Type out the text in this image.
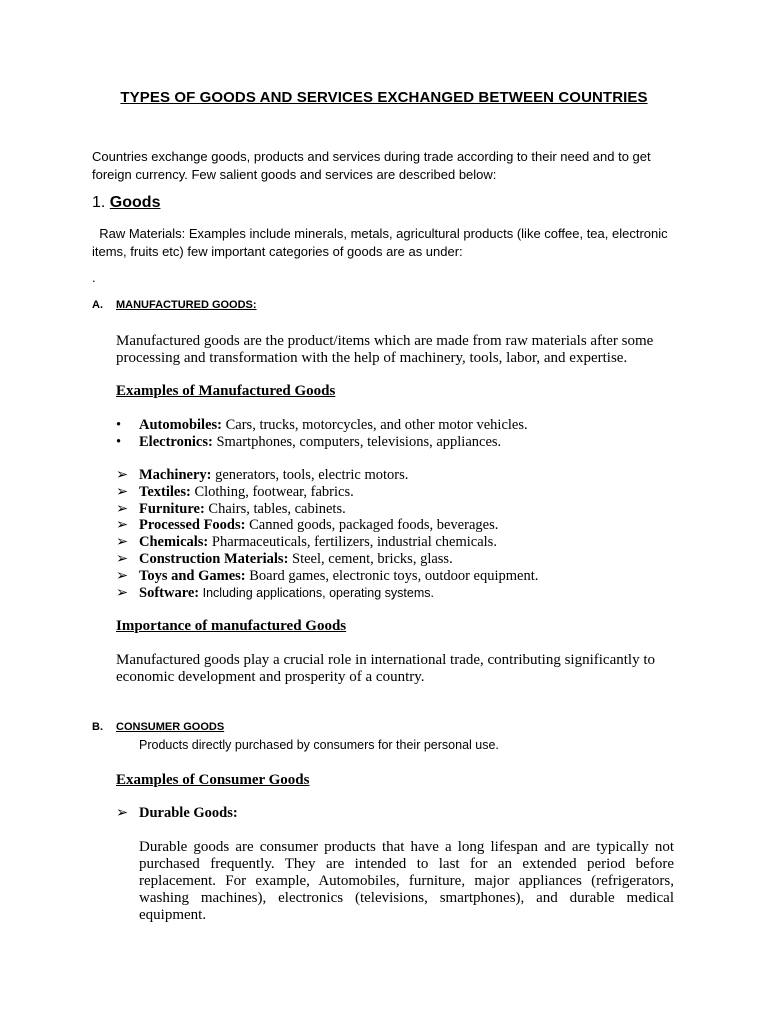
TYPES OF GOODS AND SERVICES EXCHANGED BETWEEN COUNTRIES

Countries exchange goods, products and services during trade according to their need and to get foreign currency. Few salient goods and services are described below:

1. Goods

Raw Materials: Examples include minerals, metals, agricultural products (like coffee, tea, electronic items, fruits etc) few important categories of goods are as under:

.
A. MANUFACTURED GOODS:

Manufactured goods are the product/items which are made from raw materials after some processing and transformation with the help of machinery, tools, labor, and expertise.

Examples of Manufactured Goods
• Automobiles: Cars, trucks, motorcycles, and other motor vehicles.
• Electronics: Smartphones, computers, televisions, appliances.
➢ Machinery: generators, tools, electric motors.
➢ Textiles: Clothing, footwear, fabrics.
➢ Furniture: Chairs, tables, cabinets.
➢ Processed Foods: Canned goods, packaged foods, beverages.
➢ Chemicals: Pharmaceuticals, fertilizers, industrial chemicals.
➢ Construction Materials: Steel, cement, bricks, glass.
➢ Toys and Games: Board games, electronic toys, outdoor equipment.
➢ Software: Including applications, operating systems.
Importance of manufactured Goods

Manufactured goods play a crucial role in international trade, contributing significantly to economic development and prosperity of a country.

B. CONSUMER GOODS
Products directly purchased by consumers for their personal use.
Examples of Consumer Goods
➢ Durable Goods:

Durable goods are consumer products that have a long lifespan and are typically not purchased frequently. They are intended to last for an extended period before replacement. For example, Automobiles, furniture, major appliances (refrigerators, washing machines), electronics (televisions, smartphones), and durable medical equipment.
